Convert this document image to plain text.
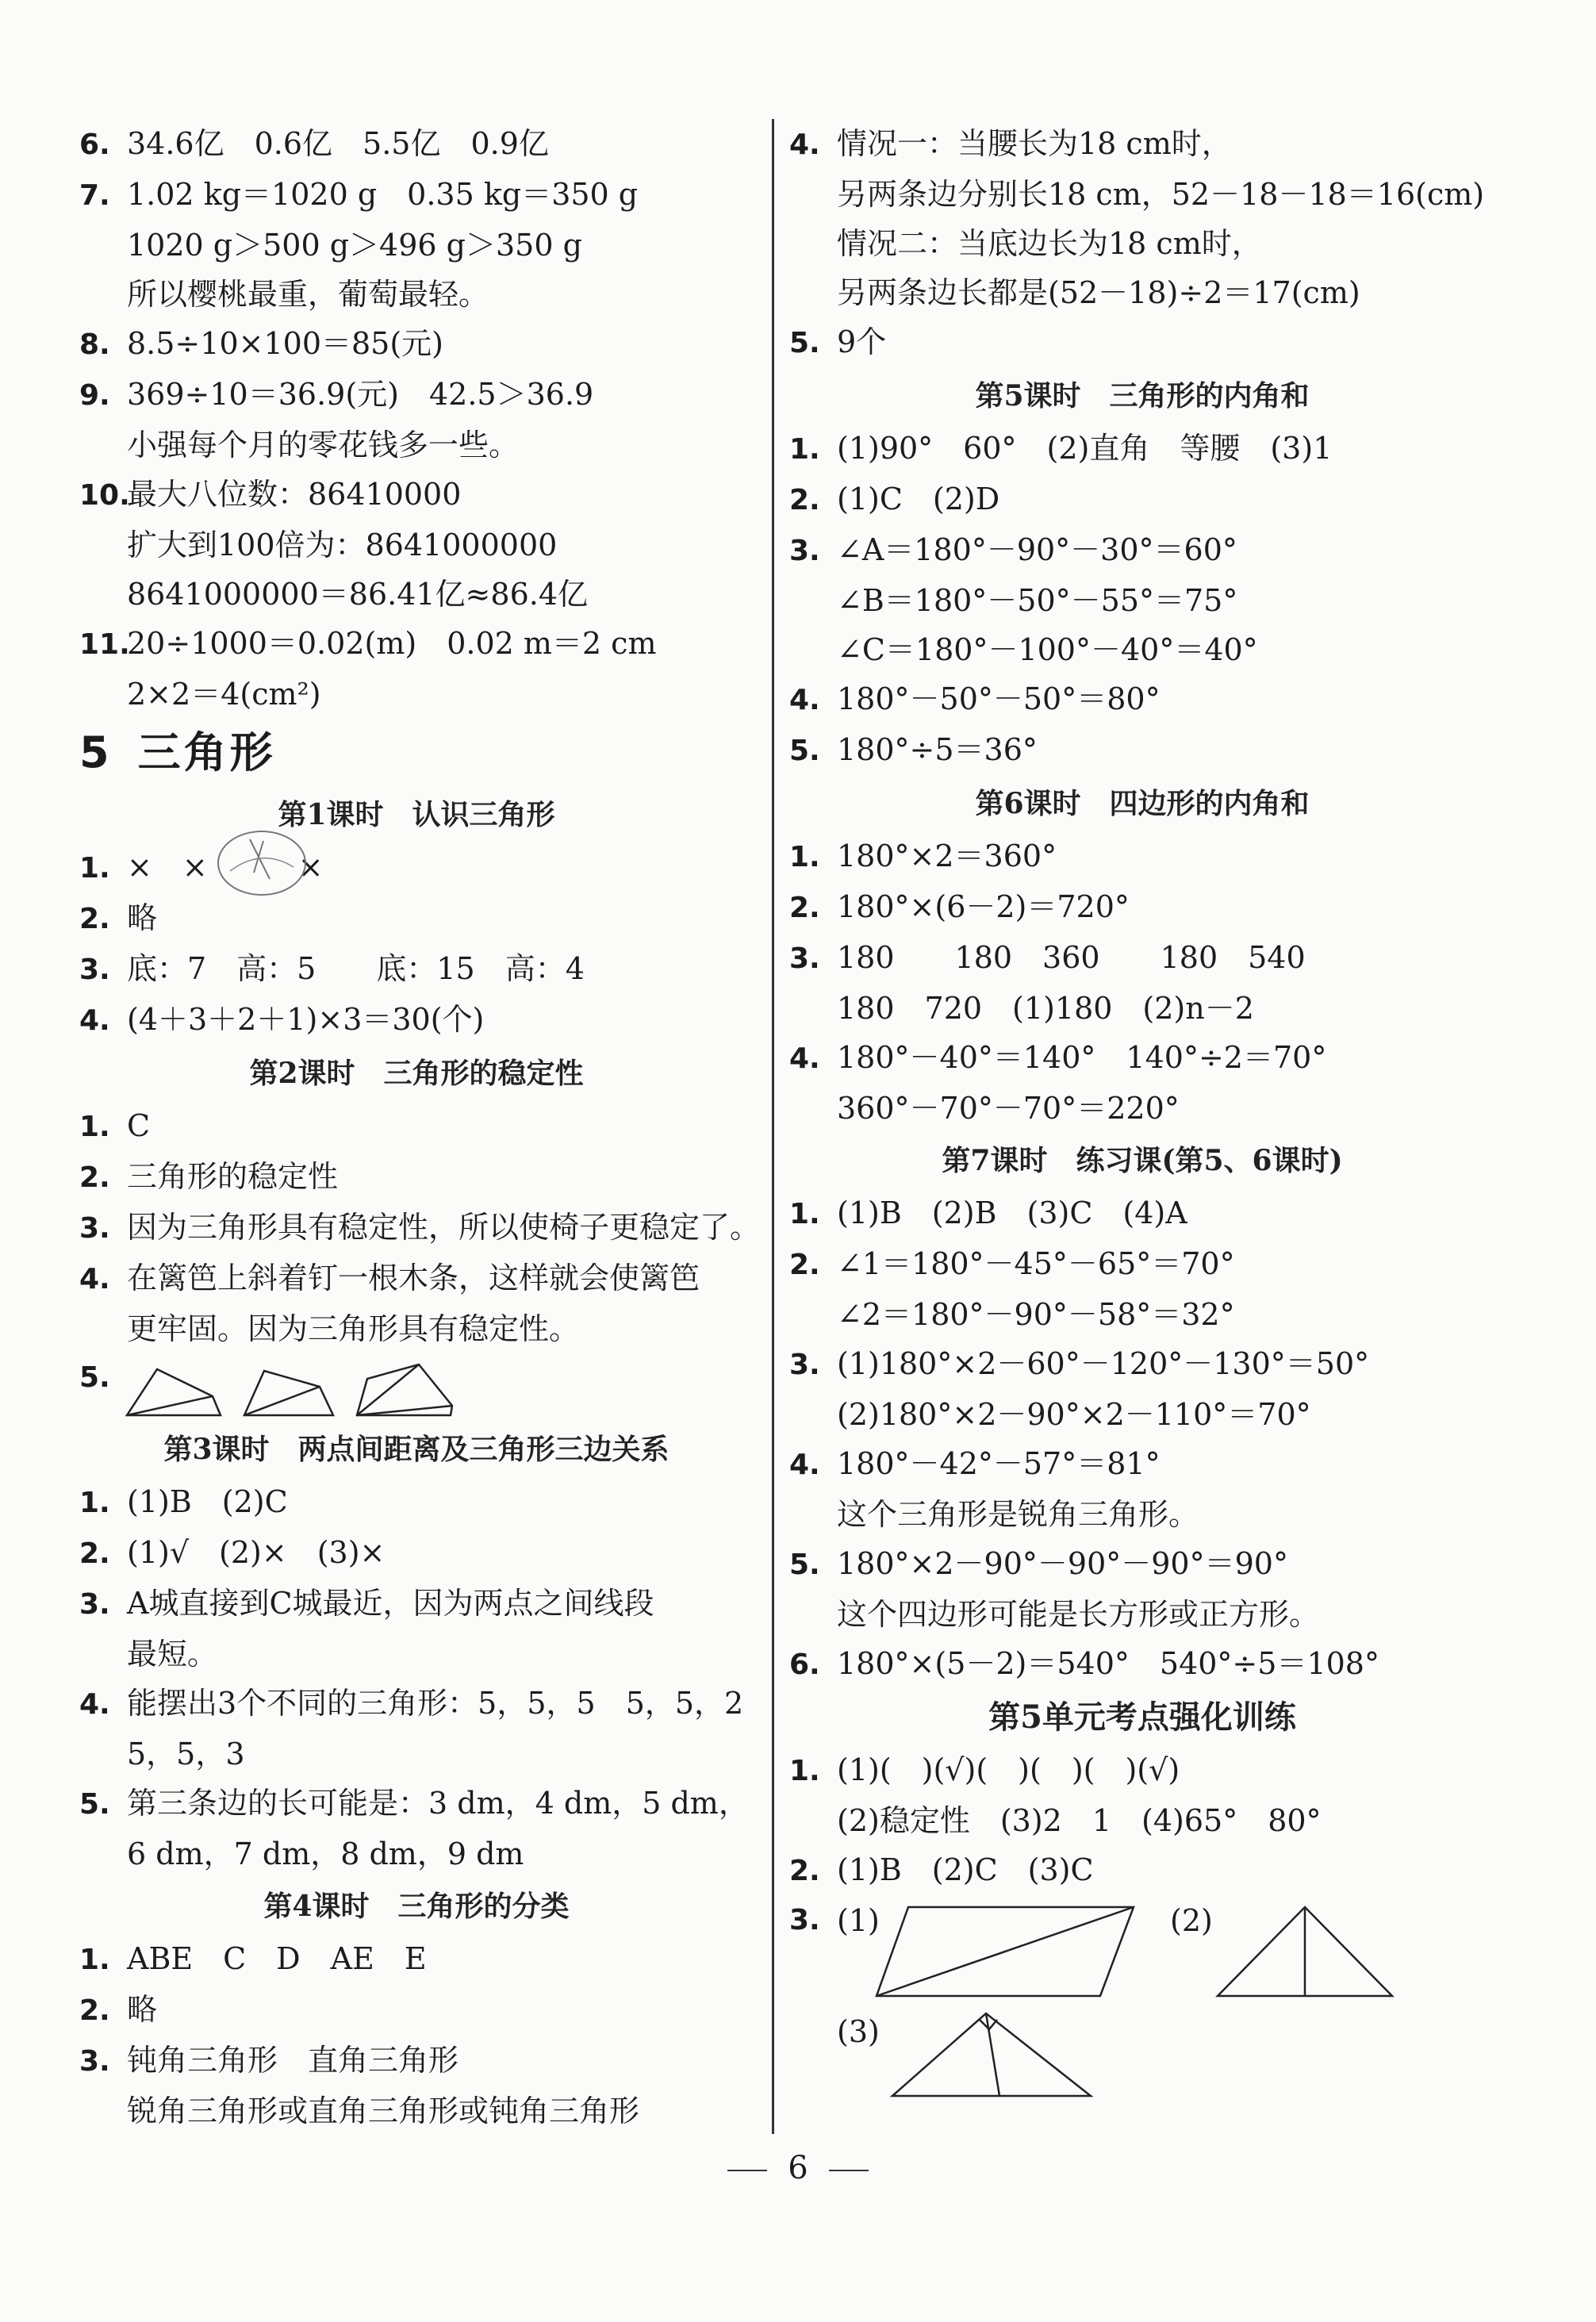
6. 34.6亿　0.6亿　5.5亿　0.9亿
7. 1.02 kg＝1020 g　0.35 kg＝350 g
1020 g＞500 g＞496 g＞350 g
所以樱桃最重，葡萄最轻。
8. 8.5÷10×100＝85(元)
9. 369÷10＝36.9(元)　42.5＞36.9
小强每个月的零花钱多一些。
10.最大八位数：86410000
扩大到100倍为：8641000000
8641000000＝86.41亿≈86.4亿
11.20÷1000＝0.02(m)　0.02 m＝2 cm
2×2＝4(cm²)
5 三角形
第1课时　认识三角形
1. ×　×　　　×
2. 略
3. 底：7　高：5　　底：15　高：4
4. (4＋3＋2＋1)×3＝30(个)
第2课时　三角形的稳定性
1. C
2. 三角形的稳定性
3. 因为三角形具有稳定性，所以使椅子更稳定了。
4. 在篱笆上斜着钉一根木条，这样就会使篱笆
更牢固。因为三角形具有稳定性。
5.
第3课时　两点间距离及三角形三边关系
1. (1)B　(2)C
2. (1)√　(2)×　(3)×
3. A城直接到C城最近，因为两点之间线段
最短。
4. 能摆出3个不同的三角形：5，5，5　5，5，2
5，5，3
5. 第三条边的长可能是：3 dm，4 dm，5 dm，
6 dm，7 dm，8 dm，9 dm
第4课时　三角形的分类
1. ABE　C　D　AE　E
2. 略
3. 钝角三角形　直角三角形
锐角三角形或直角三角形或钝角三角形
4. 情况一：当腰长为18 cm时，
另两条边分别长18 cm，52－18－18＝16(cm)
情况二：当底边长为18 cm时，
另两条边长都是(52－18)÷2＝17(cm)
5. 9个
第5课时　三角形的内角和
1. (1)90°　60°　(2)直角　等腰　(3)1
2. (1)C　(2)D
3. ∠A＝180°－90°－30°＝60°
∠B＝180°－50°－55°＝75°
∠C＝180°－100°－40°＝40°
4. 180°－50°－50°＝80°
5. 180°÷5＝36°
第6课时　四边形的内角和
1. 180°×2＝360°
2. 180°×(6－2)＝720°
3. 180　　180　360　　180　540
180　720　(1)180　(2)n－2
4. 180°－40°＝140°　140°÷2＝70°
360°－70°－70°＝220°
第7课时　练习课(第5、6课时)
1. (1)B　(2)B　(3)C　(4)A
2. ∠1＝180°－45°－65°＝70°
∠2＝180°－90°－58°＝32°
3. (1)180°×2－60°－120°－130°＝50°
(2)180°×2－90°×2－110°＝70°
4. 180°－42°－57°＝81°
这个三角形是锐角三角形。
5. 180°×2－90°－90°－90°＝90°
这个四边形可能是长方形或正方形。
6. 180°×(5－2)＝540°　540°÷5＝108°
第5单元考点强化训练
1. (1)(　)(√)(　)(　)(　)(√)
(2)稳定性　(3)2　1　(4)65°　80°
2. (1)B　(2)C　(3)C
3. (1)	(2)
(3)
6
